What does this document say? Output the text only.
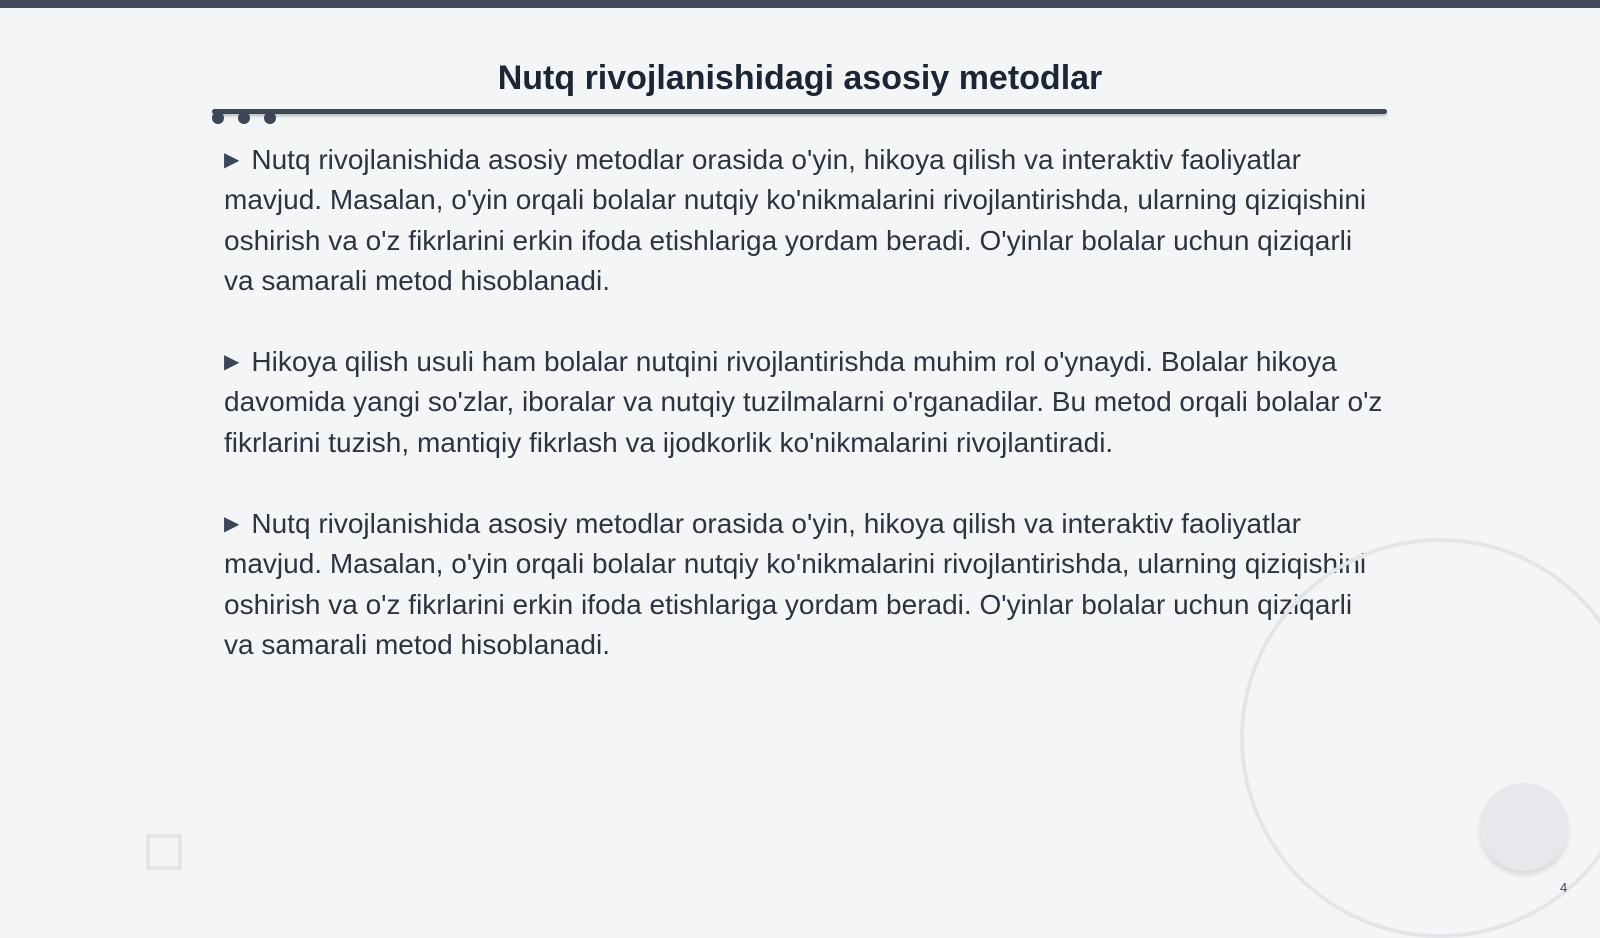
Nutq rivojlanishidagi asosiy metodlar

▶ Nutq rivojlanishida asosiy metodlar orasida o'yin, hikoya qilish va interaktiv faoliyatlar mavjud. Masalan, o'yin orqali bolalar nutqiy ko'nikmalarini rivojlantirishda, ularning qiziqishini oshirish va o'z fikrlarini erkin ifoda etishlariga yordam beradi. O'yinlar bolalar uchun qiziqarli va samarali metod hisoblanadi.

▶ Hikoya qilish usuli ham bolalar nutqini rivojlantirishda muhim rol o'ynaydi. Bolalar hikoya davomida yangi so'zlar, iboralar va nutqiy tuzilmalarni o'rganadilar. Bu metod orqali bolalar o'z fikrlarini tuzish, mantiqiy fikrlash va ijodkorlik ko'nikmalarini rivojlantiradi.

▶ Nutq rivojlanishida asosiy metodlar orasida o'yin, hikoya qilish va interaktiv faoliyatlar mavjud. Masalan, o'yin orqali bolalar nutqiy ko'nikmalarini rivojlantirishda, ularning qiziqishini oshirish va o'z fikrlarini erkin ifoda etishlariga yordam beradi. O'yinlar bolalar uchun qiziqarli va samarali metod hisoblanadi.

4
